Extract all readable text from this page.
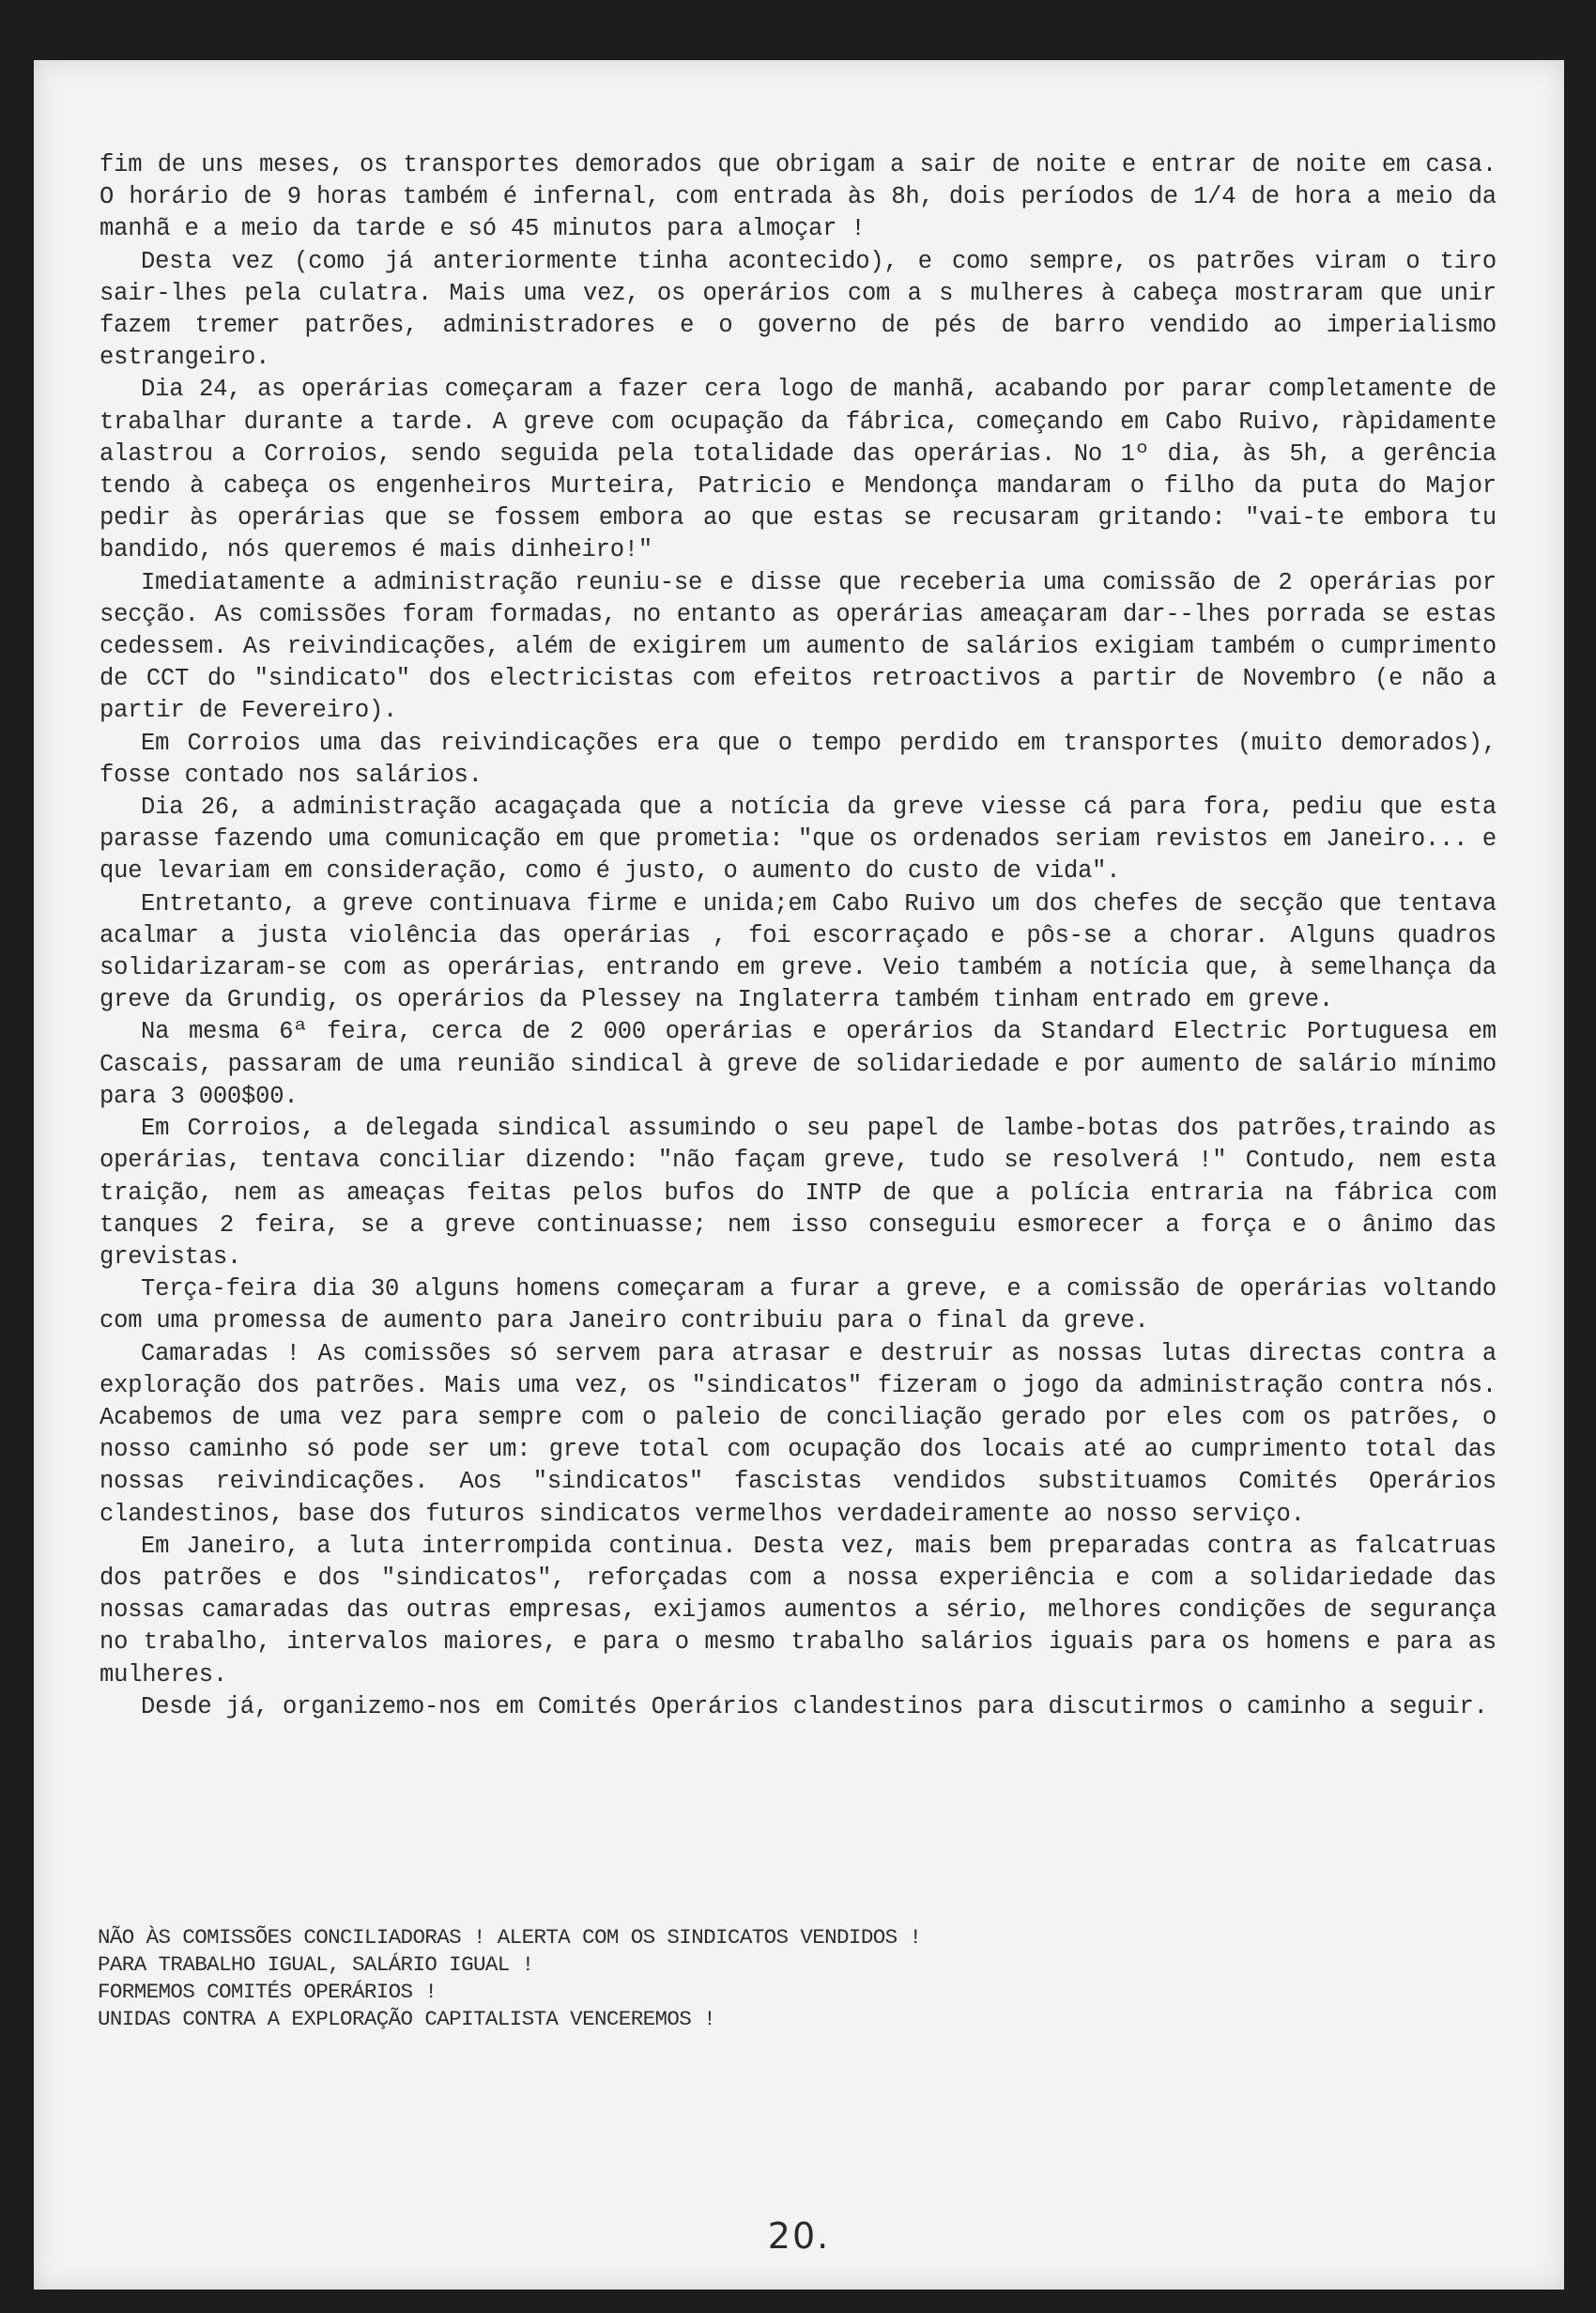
fim de uns meses, os transportes demorados que obrigam a sair de noite e entrar de noite em casa. O horário de 9 horas também é infernal, com entrada às 8h, dois períodos de 1/4 de hora a meio da manhã e a meio da tarde e só 45 minutos para almoçar !

Desta vez (como já anteriormente tinha acontecido), e como sempre, os patrões viram o tiro sair-lhes pela culatra. Mais uma vez, os operários com a s mulheres à cabeça mostraram que unir fazem tremer patrões, administradores e o governo de pés de barro vendido ao imperialismo estrangeiro.

Dia 24, as operárias começaram a fazer cera logo de manhã, acabando por parar completamente de trabalhar durante a tarde. A greve com ocupação da fábrica, começando em Cabo Ruivo, ràpidamente alastrou a Corroios, sendo seguida pela totalidade das operárias. No 1º dia, às 5h, a gerência tendo à cabeça os engenheiros Murteira, Patricio e Mendonça mandaram o filho da puta do Major pedir às operárias que se fossem embora ao que estas se recusaram gritando: "vai-te embora tu bandido, nós queremos é mais dinheiro!"

Imediatamente a administração reuniu-se e disse que receberia uma comissão de 2 operárias por secção. As comissões foram formadas, no entanto as operárias ameaçaram dar--lhes porrada se estas cedessem. As reivindicações, além de exigirem um aumento de salários exigiam também o cumprimento de CCT do "sindicato" dos electricistas com efeitos retroactivos a partir de Novembro (e não a partir de Fevereiro).

Em Corroios uma das reivindicações era que o tempo perdido em transportes (muito demorados), fosse contado nos salários.

Dia 26, a administração acagaçada que a notícia da greve viesse cá para fora, pediu que esta parasse fazendo uma comunicação em que prometia: "que os ordenados seriam revistos em Janeiro... e que levariam em consideração, como é justo, o aumento do custo de vida".

Entretanto, a greve continuava firme e unida;em Cabo Ruivo um dos chefes de secção que tentava acalmar a justa violência das operárias , foi escorraçado e pôs-se a chorar. Alguns quadros solidarizaram-se com as operárias, entrando em greve. Veio também a notícia que, à semelhança da greve da Grundig, os operários da Plessey na Inglaterra também tinham entrado em greve.

Na mesma 6ª feira, cerca de 2 000 operárias e operários da Standard Electric Portuguesa em Cascais, passaram de uma reunião sindical à greve de solidariedade e por aumento de salário mínimo para 3 000$00.

Em Corroios, a delegada sindical assumindo o seu papel de lambe-botas dos patrões,traindo as operárias, tentava conciliar dizendo: "não façam greve, tudo se resolverá !" Contudo, nem esta traição, nem as ameaças feitas pelos bufos do INTP de que a polícia entraria na fábrica com tanques 2 feira, se a greve continuasse; nem isso conseguiu esmorecer a força e o ânimo das grevistas.

Terça-feira dia 30 alguns homens começaram a furar a greve, e a comissão de operárias voltando com uma promessa de aumento para Janeiro contribuiu para o final da greve.

Camaradas ! As comissões só servem para atrasar e destruir as nossas lutas directas contra a exploração dos patrões. Mais uma vez, os "sindicatos" fizeram o jogo da administração contra nós. Acabemos de uma vez para sempre com o paleio de conciliação gerado por eles com os patrões, o nosso caminho só pode ser um: greve total com ocupação dos locais até ao cumprimento total das nossas reivindicações. Aos "sindicatos" fascistas vendidos substituamos Comités Operários clandestinos, base dos futuros sindicatos vermelhos verdadeiramente ao nosso serviço.

Em Janeiro, a luta interrompida continua. Desta vez, mais bem preparadas contra as falcatruas dos patrões e dos "sindicatos", reforçadas com a nossa experiência e com a solidariedade das nossas camaradas das outras empresas, exijamos aumentos a sério, melhores condições de segurança no trabalho, intervalos maiores, e para o mesmo trabalho salários iguais para os homens e para as mulheres.

Desde já, organizemo-nos em Comités Operários clandestinos para discutirmos o caminho a seguir.

NÃO ÀS COMISSÕES CONCILIADORAS ! ALERTA COM OS SINDICATOS VENDIDOS !
PARA TRABALHO IGUAL, SALÁRIO IGUAL !
FORMEMOS COMITÉS OPERÁRIOS !
UNIDAS CONTRA A EXPLORAÇÃO CAPITALISTA VENCEREMOS !
20.
